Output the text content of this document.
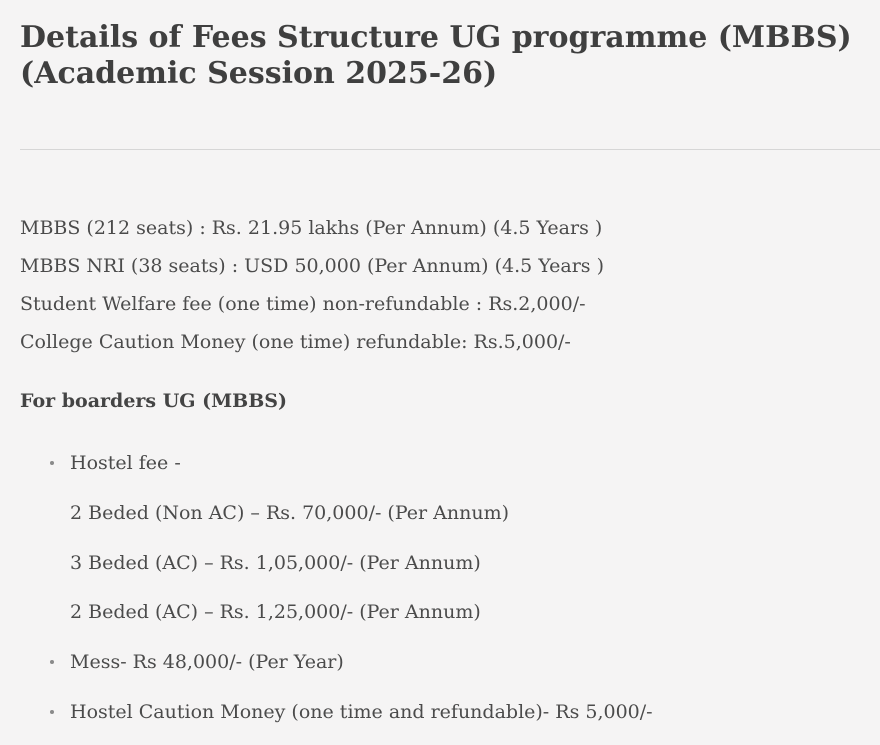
Details of Fees Structure UG programme (MBBS)
(Academic Session 2025-26)
MBBS (212 seats) : Rs. 21.95 lakhs (Per Annum) (4.5 Years )
MBBS NRI (38 seats) : USD 50,000 (Per Annum) (4.5 Years )
Student Welfare fee (one time) non-refundable : Rs.2,000/-
College Caution Money (one time) refundable: Rs.5,000/-
For boarders UG (MBBS)
Hostel fee -
2 Beded (Non AC) – Rs. 70,000/- (Per Annum)
3 Beded (AC) – Rs. 1,05,000/- (Per Annum)
2 Beded (AC) – Rs. 1,25,000/- (Per Annum)
Mess- Rs 48,000/- (Per Year)
Hostel Caution Money (one time and refundable)- Rs 5,000/-
